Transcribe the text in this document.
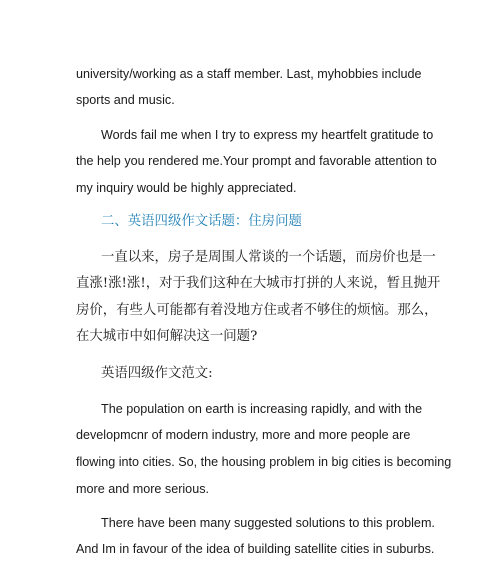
university/working as a staff member. Last, myhobbies include
sports and music.
Words fail me when I try to express my heartfelt gratitude to
the help you rendered me.Your prompt and favorable attention to
my inquiry would be highly appreciated.
二、英语四级作文话题：住房问题
一直以来，房子是周围人常谈的一个话题，而房价也是一
直涨!涨!涨!，对于我们这种在大城市打拼的人来说，暂且抛开
房价，有些人可能都有着没地方住或者不够住的烦恼。那么，
在大城市中如何解决这一问题?
英语四级作文范文:
The population on earth is increasing rapidly, and with the
developmcnr of modern industry, more and more people are
flowing into cities. So, the housing problem in big cities is becoming
more and more serious.
There have been many suggested solutions to this problem.
And Im in favour of the idea of building satellite cities in suburbs.
